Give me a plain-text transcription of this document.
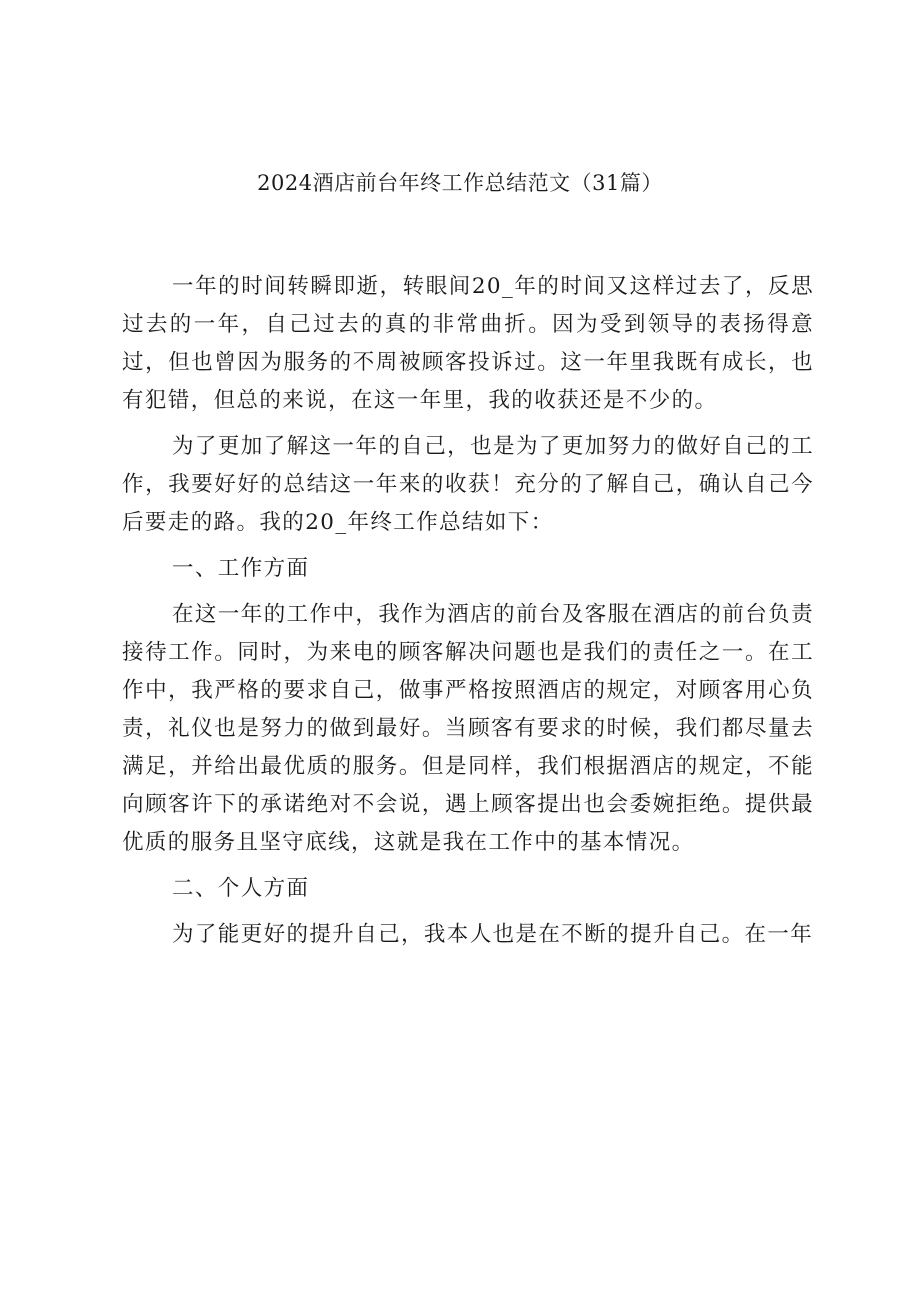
2024酒店前台年终工作总结范文（31篇）

一年的时间转瞬即逝，转眼间20_年的时间又这样过去了，反思过去的一年，自己过去的真的非常曲折。因为受到领导的表扬得意过，但也曾因为服务的不周被顾客投诉过。这一年里我既有成长，也有犯错，但总的来说，在这一年里，我的收获还是不少的。

为了更加了解这一年的自己，也是为了更加努力的做好自己的工作，我要好好的总结这一年来的收获！充分的了解自己，确认自己今后要走的路。我的20_年终工作总结如下：

一、工作方面

在这一年的工作中，我作为酒店的前台及客服在酒店的前台负责接待工作。同时，为来电的顾客解决问题也是我们的责任之一。在工作中，我严格的要求自己，做事严格按照酒店的规定，对顾客用心负责，礼仪也是努力的做到最好。当顾客有要求的时候，我们都尽量去满足，并给出最优质的服务。但是同样，我们根据酒店的规定，不能向顾客许下的承诺绝对不会说，遇上顾客提出也会委婉拒绝。提供最优质的服务且坚守底线，这就是我在工作中的基本情况。

二、个人方面

为了能更好的提升自己，我本人也是在不断的提升自己。在一年
